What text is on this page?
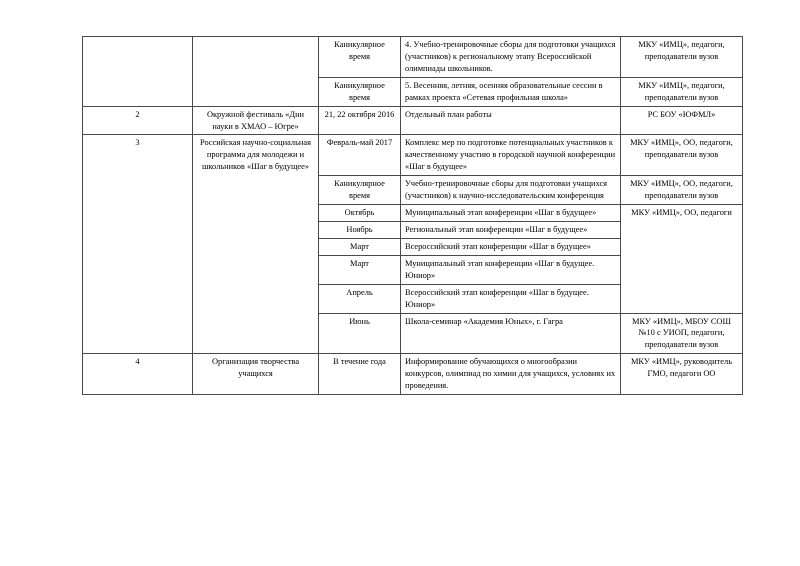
		Каникулярное время	4. Учебно-тренировочные сборы для подготовки учащихся (участников) к региональному этапу Всероссийской олимпиады школьников.	МКУ «ИМЦ», педагоги, преподаватели вузов
		Каникулярное время	5. Весенняя, летняя, осенняя образовательные сессии в рамках проекта «Сетевая профильная школа»	МКУ «ИМЦ», педагоги, преподаватели вузов
2	Окружной фестиваль «Дни науки в ХМАО – Югре»	21, 22 октября 2016	Отдельный план работы	РС БОУ «ЮФМЛ»
3	Российская научно-социальная программа для молодежи и школьников «Шаг в будущее»	Февраль-май 2017	Комплекс мер по подготовке потенциальных участников к качественному участию в городской научной конференции «Шаг в будущее»	МКУ «ИМЦ», ОО, педагоги, преподаватели вузов
		Каникулярное время	Учебно-тренировочные сборы для подготовки учащихся (участников) к научно-исследовательским конференция	МКУ «ИМЦ», ОО, педагоги, преподаватели вузов
		Октябрь	Муниципальный этап конференции «Шаг в будущее»	МКУ «ИМЦ», ОО, педагоги
		Ноябрь	Региональный этап конференции «Шаг в будущее»	
		Март	Всероссийский этап конференции «Шаг в будущее»	
		Март	Муниципальный этап конференции «Шаг в будущее. Юниор»	
		Апрель	Всероссийский этап конференции «Шаг в будущее. Юниор»	
		Июнь	Школа-семинар «Академия Юных», г. Гагра	МКУ «ИМЦ», МБОУ СОШ №10 с УИОП, педагоги, преподаватели вузов
4	Организация творчества учащихся	В течение года	Информирование обучающихся о многообразии конкурсов, олимпиад по химии для учащихся, условиях их проведения.	МКУ «ИМЦ», руководитель ГМО, педагоги ОО
